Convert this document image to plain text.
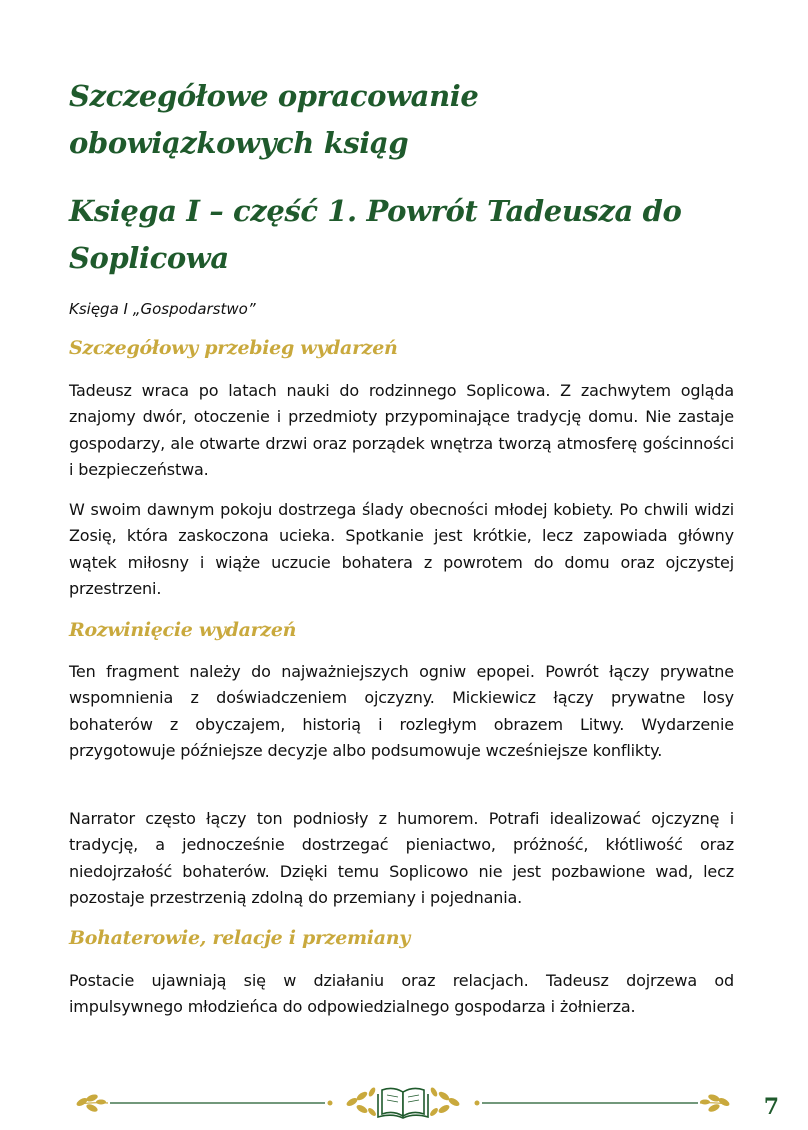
Szczegółowe opracowanie obowiązkowych ksiąg
Księga I – część 1. Powrót Tadeusza do Soplicowa

Księga I „Gospodarstwo”

Szczegółowy przebieg wydarzeń

Tadeusz wraca po latach nauki do rodzinnego Soplicowa. Z zachwytem ogląda znajomy dwór, otoczenie i przedmioty przypominające tradycję domu. Nie zastaje gospodarzy, ale otwarte drzwi oraz porządek wnętrza tworzą atmosferę gościnności i bezpieczeństwa.

W swoim dawnym pokoju dostrzega ślady obecności młodej kobiety. Po chwili widzi Zosię, która zaskoczona ucieka. Spotkanie jest krótkie, lecz zapowiada główny wątek miłosny i wiąże uczucie bohatera z powrotem do domu oraz ojczystej przestrzeni.

Rozwinięcie wydarzeń

Ten fragment należy do najważniejszych ogniw epopei. Powrót łączy prywatne wspomnienia z doświadczeniem ojczyzny. Mickiewicz łączy prywatne losy bohaterów z obyczajem, historią i rozległym obrazem Litwy. Wydarzenie przygotowuje późniejsze decyzje albo podsumowuje wcześniejsze konflikty.

Narrator często łączy ton podniosły z humorem. Potrafi idealizować ojczyznę i tradycję, a jednocześnie dostrzegać pieniactwo, próżność, kłótliwość oraz niedojrzałość bohaterów. Dzięki temu Soplicowo nie jest pozbawione wad, lecz pozostaje przestrzenią zdolną do przemiany i pojednania.

Bohaterowie, relacje i przemiany

Postacie ujawniają się w działaniu oraz relacjach. Tadeusz dojrzewa od impulsywnego młodzieńca do odpowiedzialnego gospodarza i żołnierza.

7
